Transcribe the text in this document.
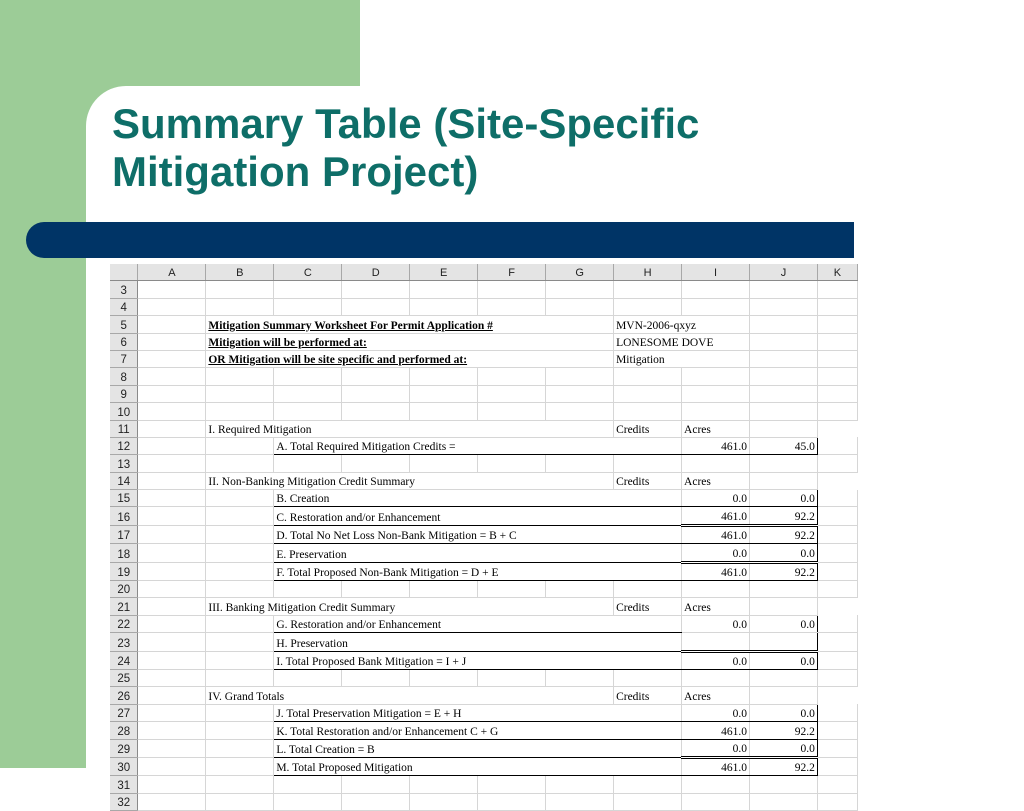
Summary Table (Site-Specific
Mitigation Project)
	A	B	C	D	E	F	G	H	I	J	K
3											
4											
5		Mitigation Summary Worksheet For Permit Application #						MVN-2006-qxyz			
6		Mitigation will be performed at:						LONESOME DOVE			
7		OR Mitigation will be site specific and performed at:						Mitigation			
8											
9											
10											
11		I. Required Mitigation						Credits	Acres		
12			A. Total Required Mitigation Credits =						461.0	45.0	
13											
14		II. Non-Banking Mitigation Credit Summary						Credits	Acres		
15			B. Creation						0.0	0.0	
16			C. Restoration and/or Enhancement						461.0	92.2	
17			D. Total No Net Loss Non-Bank Mitigation = B + C						461.0	92.2	
18			E. Preservation						0.0	0.0	
19			F. Total Proposed Non-Bank Mitigation = D + E						461.0	92.2	
20											
21		III. Banking Mitigation Credit Summary						Credits	Acres		
22			G. Restoration and/or Enhancement						0.0	0.0	
23			H. Preservation								
24			I. Total Proposed Bank Mitigation = I + J						0.0	0.0	
25											
26		IV. Grand Totals						Credits	Acres		
27			J. Total Preservation Mitigation = E + H						0.0	0.0	
28			K. Total Restoration and/or Enhancement C + G						461.0	92.2	
29			L. Total Creation = B						0.0	0.0	
30			M. Total Proposed Mitigation						461.0	92.2	
31											
32											
